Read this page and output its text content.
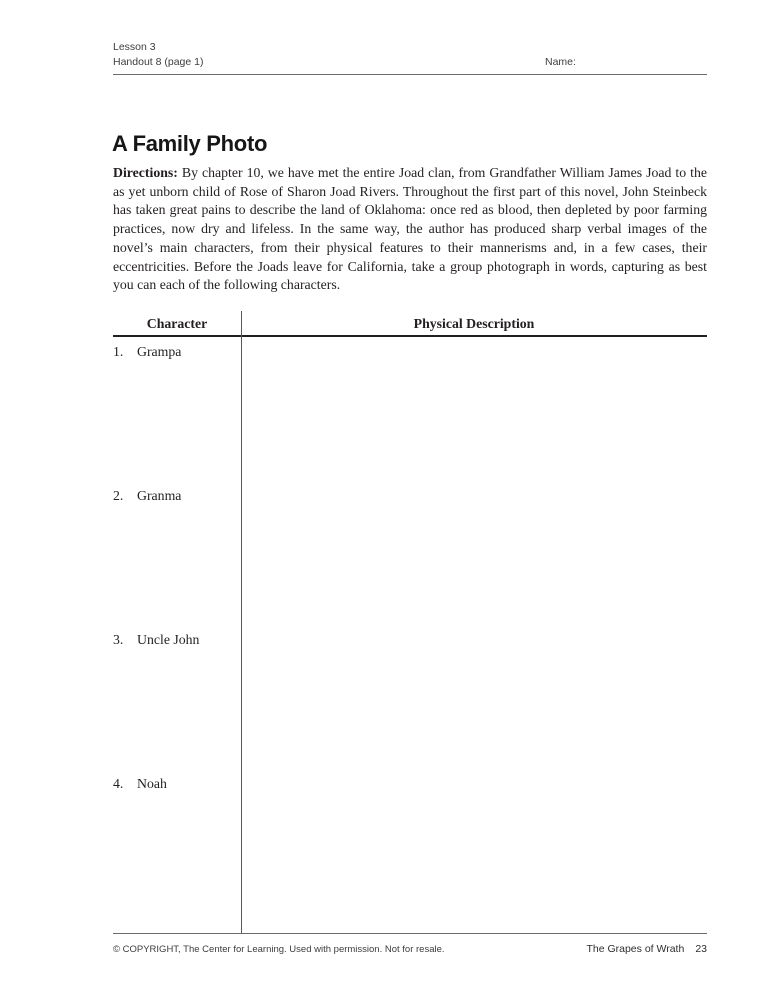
Lesson 3
Handout 8 (page 1)	Name:
A Family Photo

Directions: By chapter 10, we have met the entire Joad clan, from Grandfather William James Joad to the as yet unborn child of Rose of Sharon Joad Rivers. Throughout the first part of this novel, John Steinbeck has taken great pains to describe the land of Oklahoma: once red as blood, then depleted by poor farming practices, now dry and lifeless. In the same way, the author has produced sharp verbal images of the novel’s main characters, from their physical features to their mannerisms and, in a few cases, their eccentricities. Before the Joads leave for California, take a group photograph in words, capturing as best you can each of the following characters.

Character	Physical Description
1. Grampa
2. Granma
3. Uncle John
4. Noah
© COPYRIGHT, The Center for Learning. Used with permission. Not for resale.	The Grapes of Wrath 23
